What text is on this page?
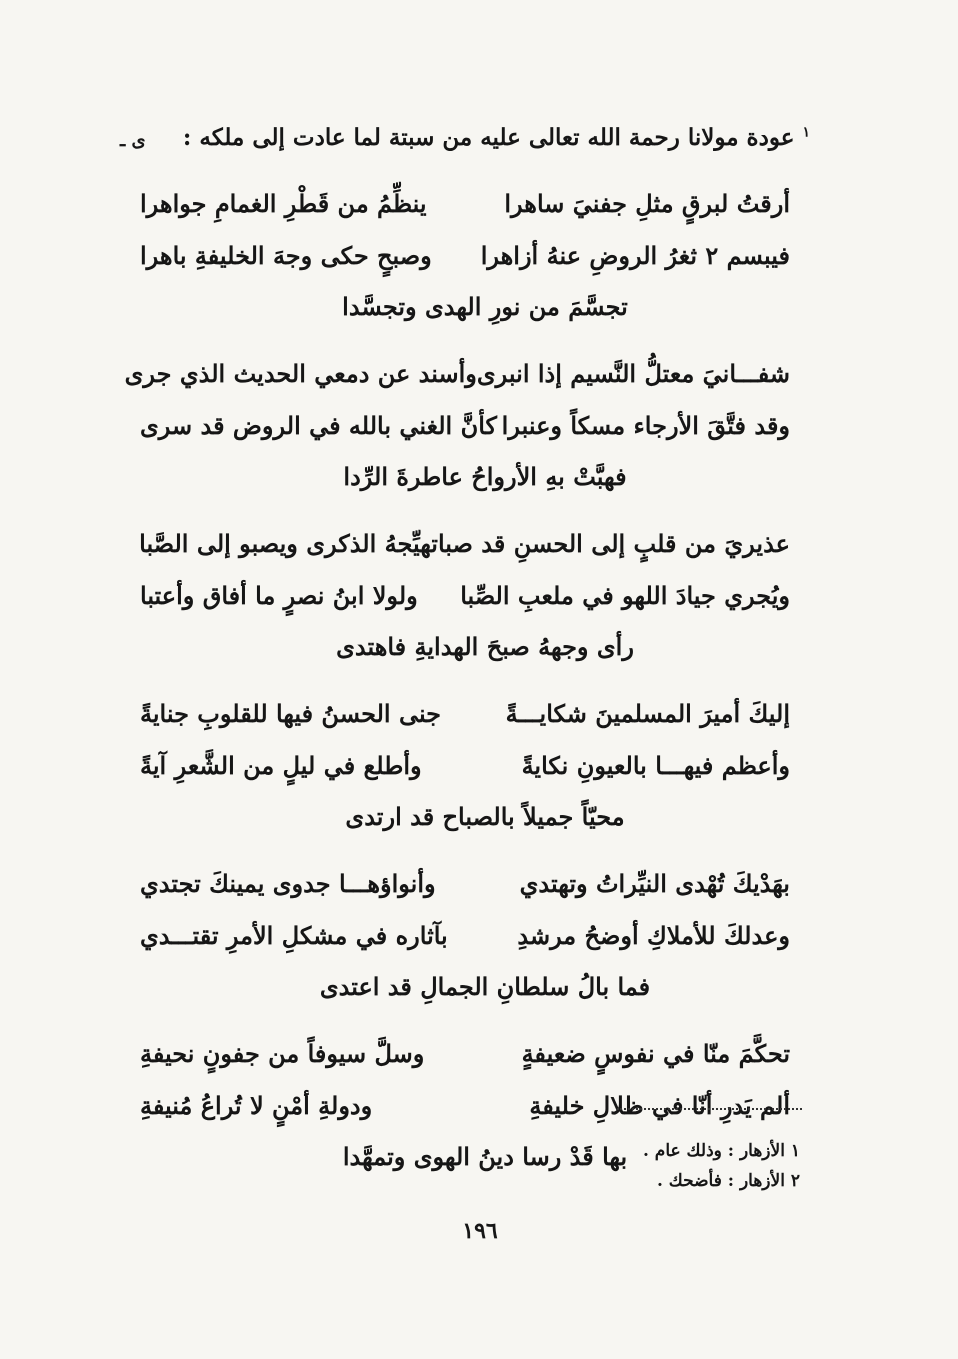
ى ـ	$^١$ عودة مولانا رحمة الله تعالى عليه من سبتة لما عادت إلى ملكه :
أرقتُ لبرقٍ مثلِ جفنيَ ساهرا
ينظِّمُ من قَطْرِ الغمامِ جواهرا
فيبسم ٢ ثغرُ الروضِ عنهُ أزاهرا
وصبحٍ حكى وجهَ الخليفةِ باهرا
تجسَّمَ من نورِ الهدى وتجسَّدا
شفـــانيَ معتلُّ النَّسيم إذا انبرى
وأسند عن دمعي الحديث الذي جرى
وقد فتَّقَ الأرجاء مسكاً وعنبرا
كأنَّ الغني بالله في الروض قد سرى
فهبَّتْ بهِ الأرواحُ عاطرةَ الرِّدا
عذيريَ من قلبٍ إلى الحسنِ قد صبا
تهيِّجهُ الذكرى ويصبو إلى الصَّبا
ويُجري جيادَ اللهو في ملعبِ الصِّبا
ولولا ابنُ نصرٍ ما أفاق وأعتبا
رأى وجههُ صبحَ الهدايةِ فاهتدى
إليكَ أميرَ المسلمينَ شكايـــةً
جنى الحسنُ فيها للقلوبِ جنايةً
وأعظم فيهـــا بالعيونِ نكايةً
وأطلع في ليلٍ من الشَّعرِ آيةً
محيّاً جميلاً بالصباح قد ارتدى
بهَدْيكَ تُهْدى النيِّراتُ وتهتدي
وأنواؤهـــا جدوى يمينكَ تجتدي
وعدلكَ للأملاكِ أوضحُ مرشدِ
بآثاره في مشكلِ الأمرِ تقتـــدي
فما بالُ سلطانِ الجمالِ قد اعتدى
تحكَّمَ منّا في نفوسٍ ضعيفةٍ
وسلَّ سيوفاً من جفونٍ نحيفةِ
ألم يَدرِ أنّا في ظلالِ خليفةِ
ودولةِ أمْنٍ لا تُراعُ مُنيفةِ
بها قَدْ رسا دينُ الهوى وتمهَّدا ١ الأزهار : وذلك عام .
٢ الأزهار : فأضحك .
١٩٦
